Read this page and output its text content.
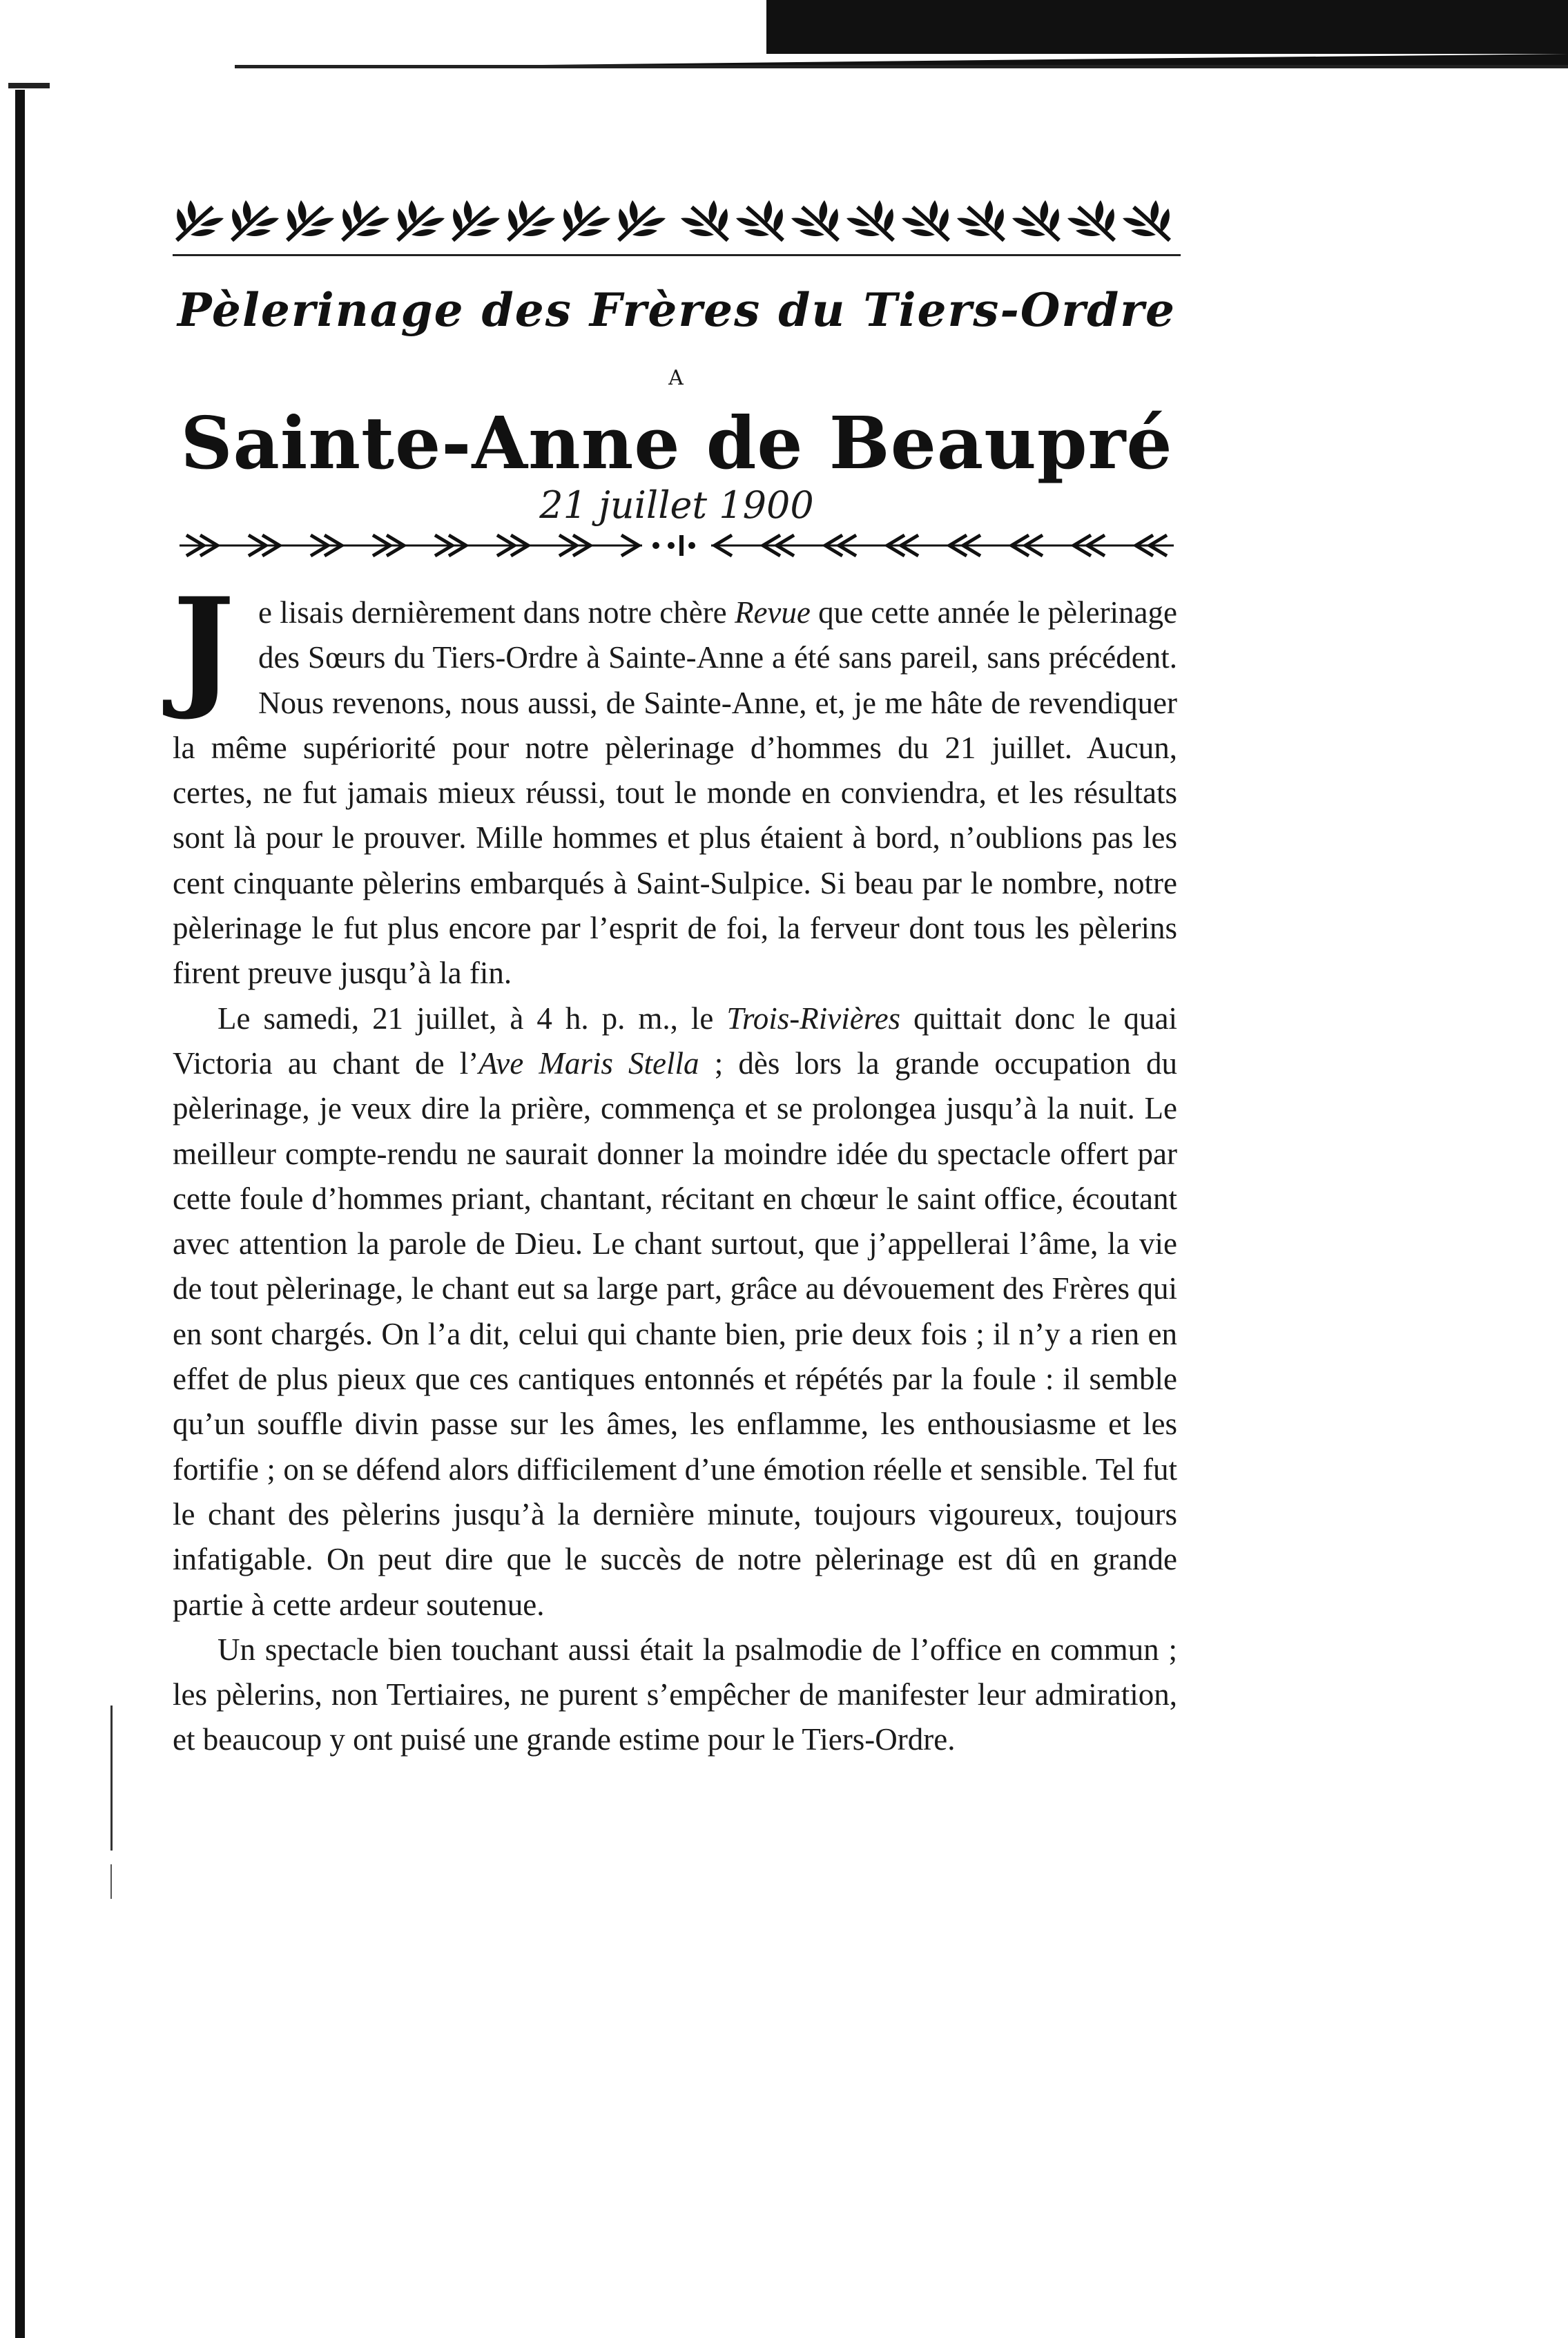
Pèlerinage des Frères du Tiers-Ordre
A
Sainte-Anne de Beaupré
21 juillet 1900

Je lisais dernièrement dans notre chère Revue que cette année le pèlerinage des Sœurs du Tiers-Ordre à Sainte-Anne a été sans pareil, sans précédent. Nous revenons, nous aussi, de Sainte-Anne, et, je me hâte de revendiquer la même supériorité pour notre pèlerinage d’hommes du 21 juillet. Aucun, certes, ne fut jamais mieux réussi, tout le monde en conviendra, et les résultats sont là pour le prouver. Mille hommes et plus étaient à bord, n’oublions pas les cent cinquante pèlerins embarqués à Saint-Sulpice. Si beau par le nombre, notre pèlerinage le fut plus encore par l’esprit de foi, la ferveur dont tous les pèlerins firent preuve jusqu’à la fin.

Le samedi, 21 juillet, à 4 h. p. m., le Trois-Rivières quittait donc le quai Victoria au chant de l’Ave Maris Stella ; dès lors la grande occupation du pèlerinage, je veux dire la prière, commença et se prolongea jusqu’à la nuit. Le meilleur compte-rendu ne saurait donner la moindre idée du spectacle offert par cette foule d’hommes priant, chantant, récitant en chœur le saint office, écoutant avec attention la parole de Dieu. Le chant surtout, que j’appellerai l’âme, la vie de tout pèlerinage, le chant eut sa large part, grâce au dévouement des Frères qui en sont chargés. On l’a dit, celui qui chante bien, prie deux fois ; il n’y a rien en effet de plus pieux que ces cantiques entonnés et répétés par la foule : il semble qu’un souffle divin passe sur les âmes, les enflamme, les enthousiasme et les fortifie ; on se défend alors difficilement d’une émotion réelle et sensible. Tel fut le chant des pèlerins jusqu’à la dernière minute, toujours vigoureux, toujours infatigable. On peut dire que le succès de notre pèlerinage est dû en grande partie à cette ardeur soutenue.

Un spectacle bien touchant aussi était la psalmodie de l’office en commun ; les pèlerins, non Tertiaires, ne purent s’empêcher de manifester leur admiration, et beaucoup y ont puisé une grande estime pour le Tiers-Ordre.
